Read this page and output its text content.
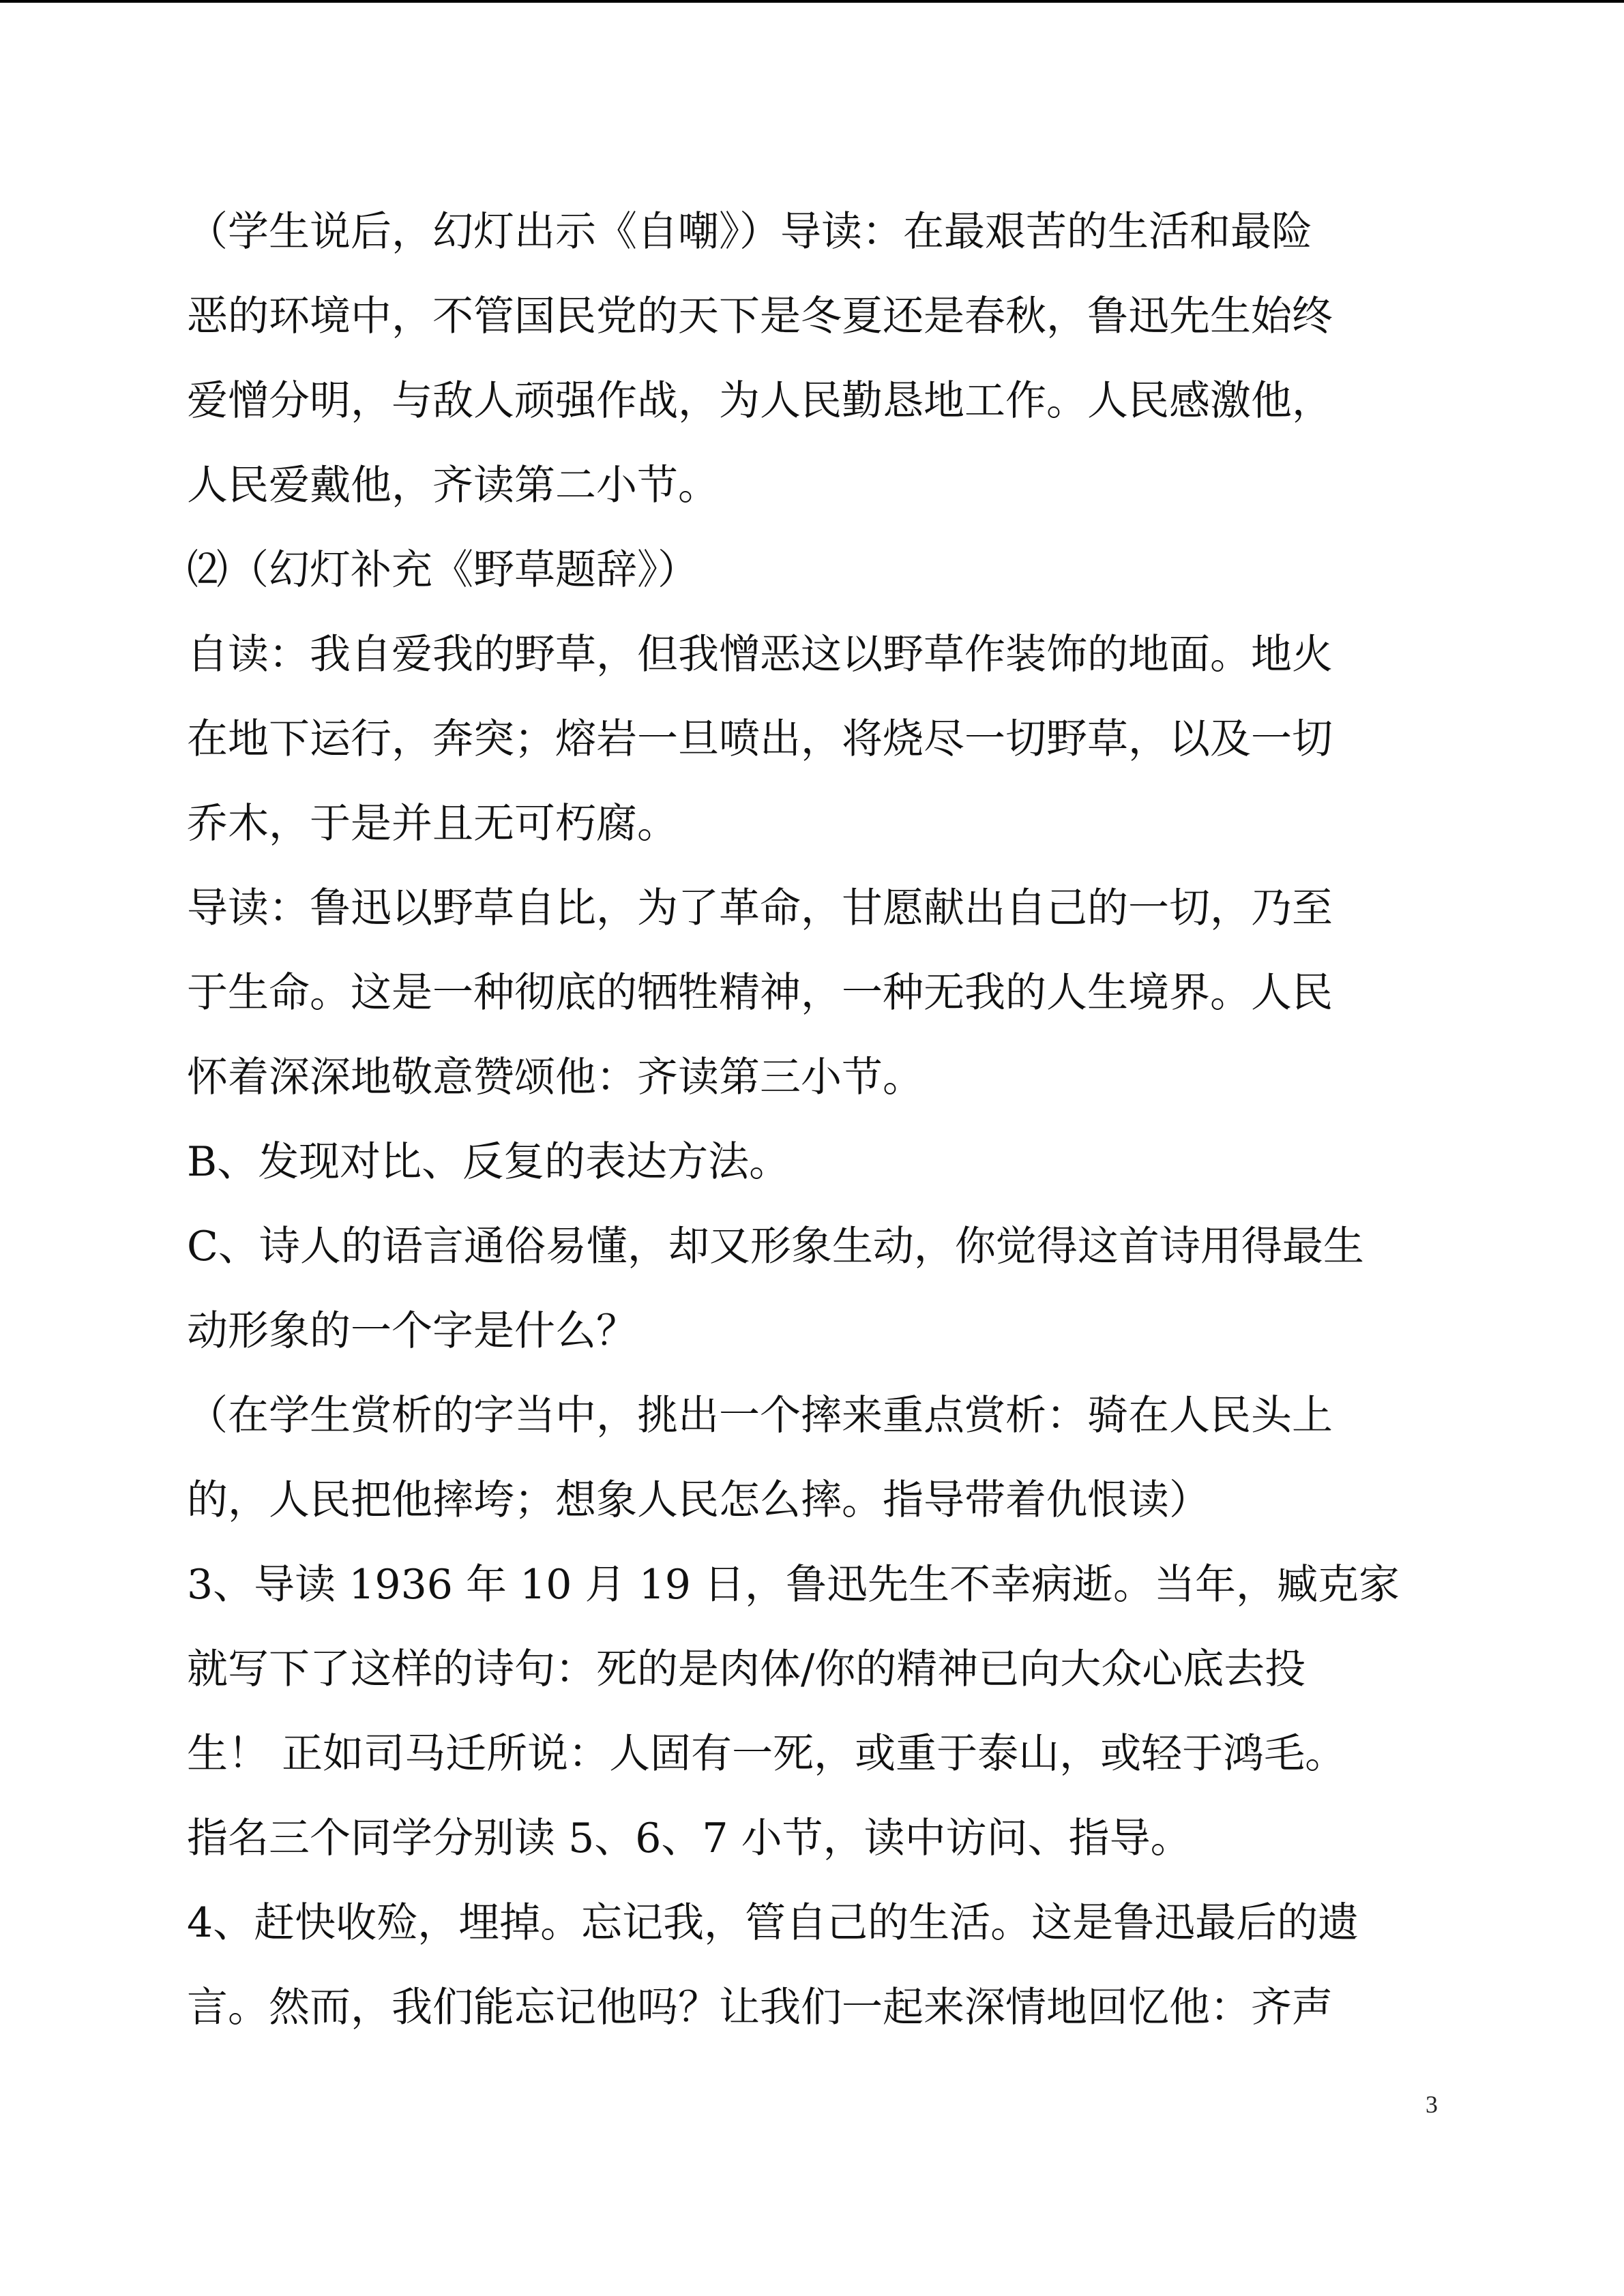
（学生说后，幻灯出示《自嘲》）导读：在最艰苦的生活和最险
恶的环境中，不管国民党的天下是冬夏还是春秋，鲁迅先生始终
爱憎分明，与敌人顽强作战，为人民勤恳地工作。人民感激他，
人民爱戴他，齐读第二小节。
⑵（幻灯补充《野草题辞》）
自读：我自爱我的野草，但我憎恶这以野草作装饰的地面。地火
在地下运行，奔突；熔岩一旦喷出，将烧尽一切野草，以及一切
乔木，于是并且无可朽腐。
导读：鲁迅以野草自比，为了革命，甘愿献出自己的一切，乃至
于生命。这是一种彻底的牺牲精神，一种无我的人生境界。人民
怀着深深地敬意赞颂他：齐读第三小节。
B、发现对比、反复的表达方法。
C、诗人的语言通俗易懂，却又形象生动，你觉得这首诗用得最生
动形象的一个字是什么？
（在学生赏析的字当中，挑出一个摔来重点赏析：骑在人民头上
的，人民把他摔垮；想象人民怎么摔。指导带着仇恨读）
3、导读 1936 年 10 月 19 日，鲁迅先生不幸病逝。当年，臧克家
就写下了这样的诗句：死的是肉体/你的精神已向大众心底去投
生！ 正如司马迁所说：人固有一死，或重于泰山，或轻于鸿毛。
指名三个同学分别读 5、6、7 小节，读中访问、指导。
4、赶快收殓，埋掉。忘记我，管自己的生活。这是鲁迅最后的遗
言。然而，我们能忘记他吗？让我们一起来深情地回忆他：齐声
3
